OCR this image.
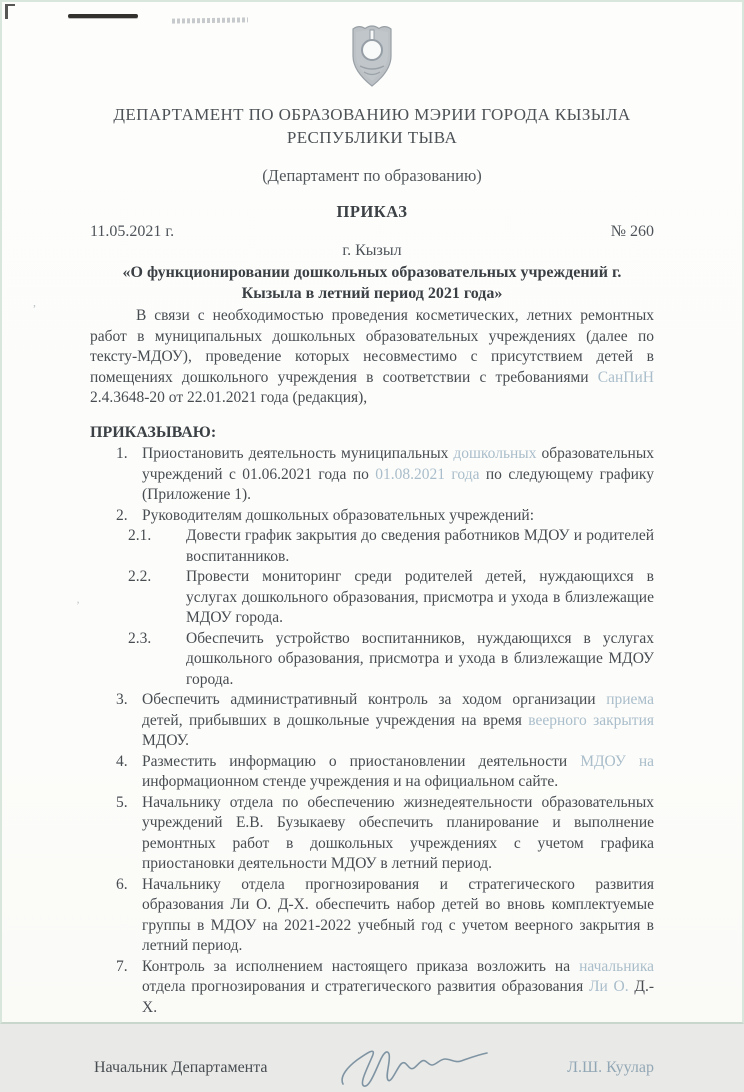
,
’
ДЕПАРТАМЕНТ ПО ОБРАЗОВАНИЮ МЭРИИ ГОРОДА КЫЗЫЛА
РЕСПУБЛИКИ ТЫВА
(Департамент по образованию)
ПРИКАЗ
11.05.2021 г.	№ 260
г. Кызыл
«О функционировании дошкольных образовательных учреждений г.
Кызыла в летний период 2021 года»

В связи с необходимостью проведения косметических, летних ремонтных работ в муниципальных дошкольных образовательных учреждениях (далее по тексту-МДОУ), проведение которых несовместимо с присутствием детей в помещениях дошкольного учреждения в соответствии с требованиями СанПиН 2.4.3648-20 от 22.01.2021 года (редакция),

ПРИКАЗЫВАЮ:
1. Приостановить деятельность муниципальных дошкольных образовательных учреждений с 01.06.2021 года по 01.08.2021 года по следующему графику (Приложение 1).
2. Руководителям дошкольных образовательных учреждений:
2.1.	Довести график закрытия до сведения работников МДОУ и родителей воспитанников.
2.2.	Провести мониторинг среди родителей детей, нуждающихся в услугах дошкольного образования, присмотра и ухода в близлежащие МДОУ города.
2.3.	Обеспечить устройство воспитанников, нуждающихся в услугах дошкольного образования, присмотра и ухода в близлежащие МДОУ города.
3. Обеспечить административный контроль за ходом организации приема детей, прибывших в дошкольные учреждения на время веерного закрытия МДОУ.
4. Разместить информацию о приостановлении деятельности МДОУ на информационном стенде учреждения и на официальном сайте.
5. Начальнику отдела по обеспечению жизнедеятельности образовательных учреждений Е.В. Бузыкаеву обеспечить планирование и выполнение ремонтных работ в дошкольных учреждениях с учетом графика приостановки деятельности МДОУ в летний период.
6. Начальнику отдела прогнозирования и стратегического развития образования Ли О. Д-Х. обеспечить набор детей во вновь комплектуемые группы в МДОУ на 2021-2022 учебный год с учетом веерного закрытия в летний период.
7. Контроль за исполнением настоящего приказа возложить на начальника отдела прогнозирования и стратегического развития образования Ли О. Д.-Х.
Начальник Департамента	Л.Ш. Куулар
